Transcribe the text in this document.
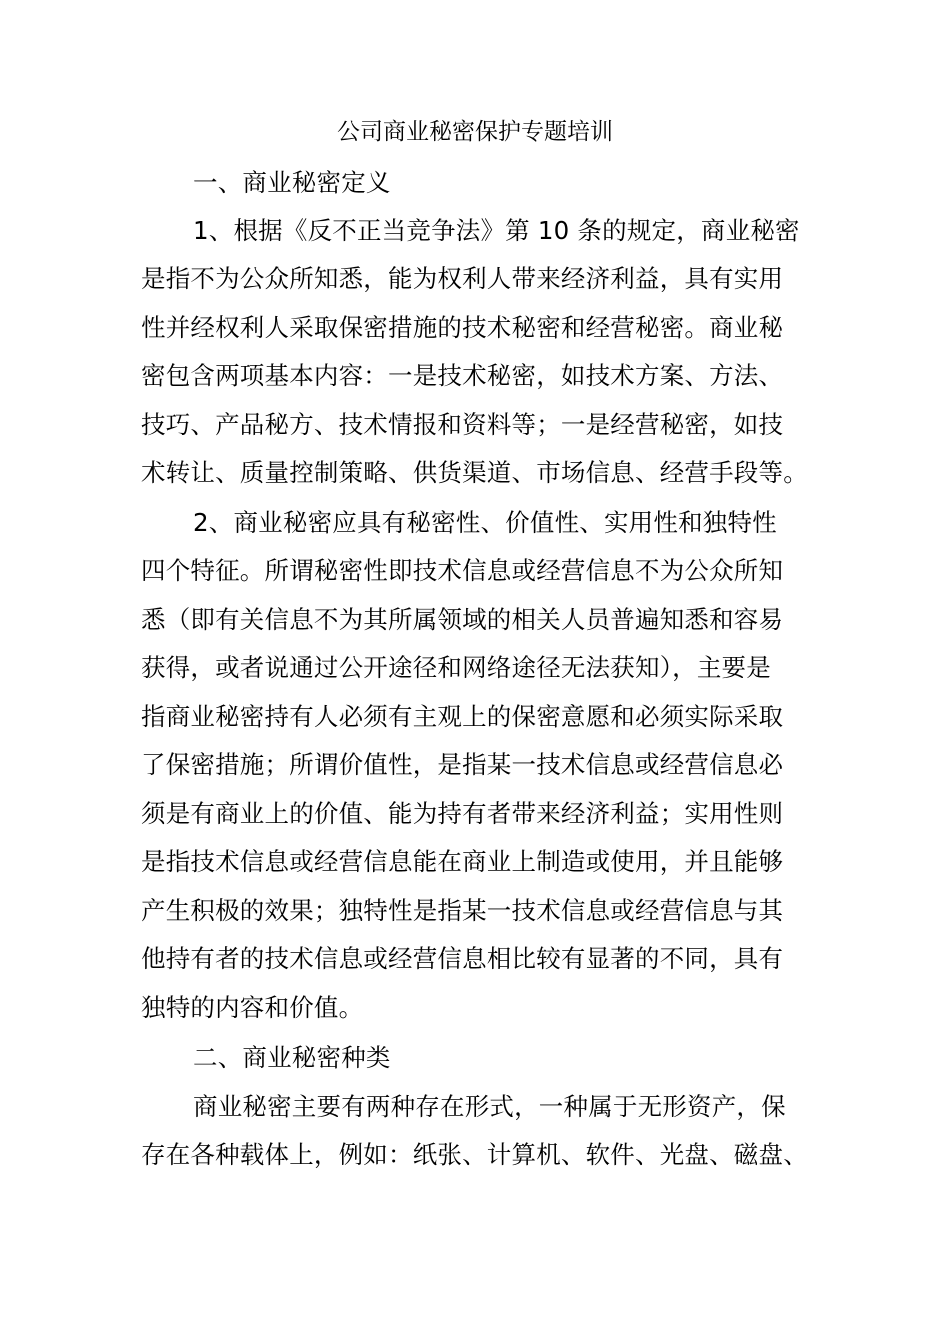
公司商业秘密保护专题培训
一、商业秘密定义
1、根据《反不正当竞争法》第 10 条的规定，商业秘密
是指不为公众所知悉，能为权利人带来经济利益，具有实用
性并经权利人采取保密措施的技术秘密和经营秘密。商业秘
密包含两项基本内容：一是技术秘密，如技术方案、方法、
技巧、产品秘方、技术情报和资料等；一是经营秘密，如技
术转让、质量控制策略、供货渠道、市场信息、经营手段等。
2、商业秘密应具有秘密性、价值性、实用性和独特性
四个特征。所谓秘密性即技术信息或经营信息不为公众所知
悉（即有关信息不为其所属领域的相关人员普遍知悉和容易
获得，或者说通过公开途径和网络途径无法获知），主要是
指商业秘密持有人必须有主观上的保密意愿和必须实际采取
了保密措施；所谓价值性，是指某一技术信息或经营信息必
须是有商业上的价值、能为持有者带来经济利益；实用性则
是指技术信息或经营信息能在商业上制造或使用，并且能够
产生积极的效果；独特性是指某一技术信息或经营信息与其
他持有者的技术信息或经营信息相比较有显著的不同，具有
独特的内容和价值。
二、商业秘密种类
商业秘密主要有两种存在形式，一种属于无形资产，保
存在各种载体上，例如：纸张、计算机、软件、光盘、磁盘、
